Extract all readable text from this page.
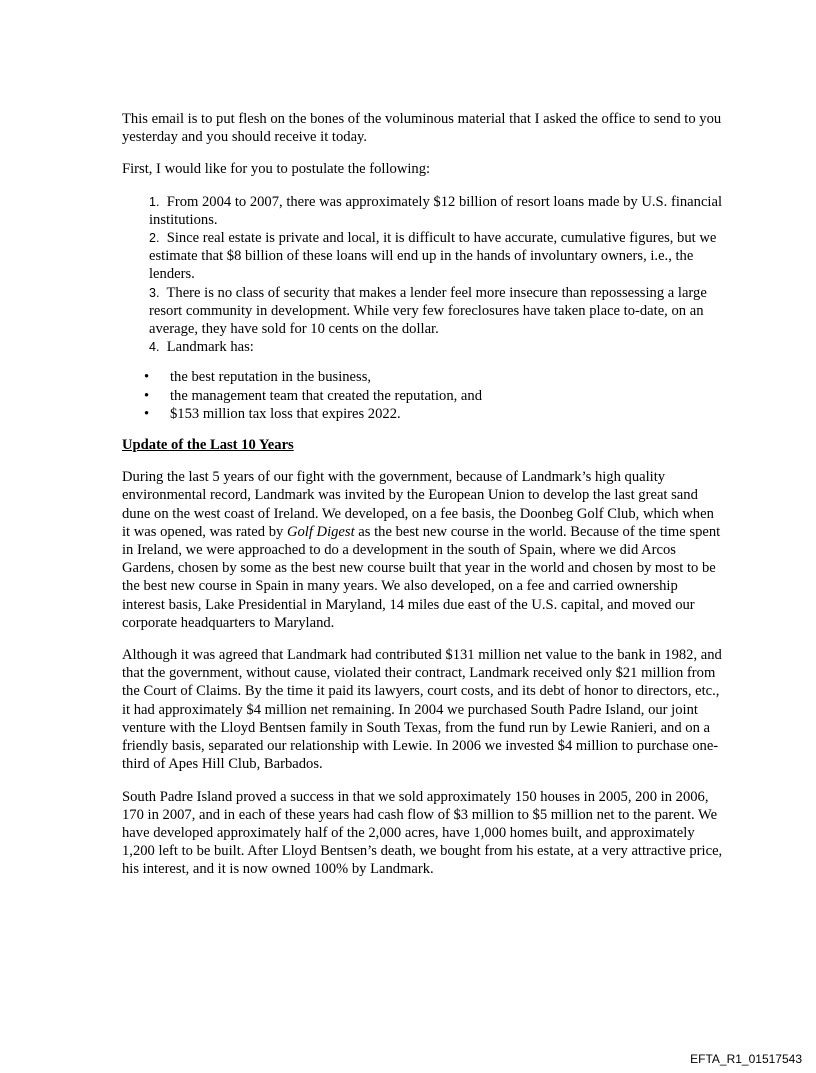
This email is to put flesh on the bones of the voluminous material that I asked the office to send to you yesterday and you should receive it today.

First, I would like for you to postulate the following:

1. From 2004 to 2007, there was approximately $12 billion of resort loans made by U.S. financial institutions.
2. Since real estate is private and local, it is difficult to have accurate, cumulative figures, but we estimate that $8 billion of these loans will end up in the hands of involuntary owners, i.e., the lenders.
3. There is no class of security that makes a lender feel more insecure than repossessing a large resort community in development. While very few foreclosures have taken place to-date, on an average, they have sold for 10 cents on the dollar.
4. Landmark has:
• the best reputation in the business,
• the management team that created the reputation, and
• $153 million tax loss that expires 2022.

Update of the Last 10 Years

During the last 5 years of our fight with the government, because of Landmark’s high quality environmental record, Landmark was invited by the European Union to develop the last great sand dune on the west coast of Ireland. We developed, on a fee basis, the Doonbeg Golf Club, which when it was opened, was rated by Golf Digest as the best new course in the world. Because of the time spent in Ireland, we were approached to do a development in the south of Spain, where we did Arcos Gardens, chosen by some as the best new course built that year in the world and chosen by most to be the best new course in Spain in many years. We also developed, on a fee and carried ownership interest basis, Lake Presidential in Maryland, 14 miles due east of the U.S. capital, and moved our corporate headquarters to Maryland.

Although it was agreed that Landmark had contributed $131 million net value to the bank in 1982, and that the government, without cause, violated their contract, Landmark received only $21 million from the Court of Claims. By the time it paid its lawyers, court costs, and its debt of honor to directors, etc., it had approximately $4 million net remaining. In 2004 we purchased South Padre Island, our joint venture with the Lloyd Bentsen family in South Texas, from the fund run by Lewie Ranieri, and on a friendly basis, separated our relationship with Lewie. In 2006 we invested $4 million to purchase one-third of Apes Hill Club, Barbados.

South Padre Island proved a success in that we sold approximately 150 houses in 2005, 200 in 2006, 170 in 2007, and in each of these years had cash flow of $3 million to $5 million net to the parent. We have developed approximately half of the 2,000 acres, have 1,000 homes built, and approximately 1,200 left to be built. After Lloyd Bentsen’s death, we bought from his estate, at a very attractive price, his interest, and it is now owned 100% by Landmark.

EFTA_R1_01517543
